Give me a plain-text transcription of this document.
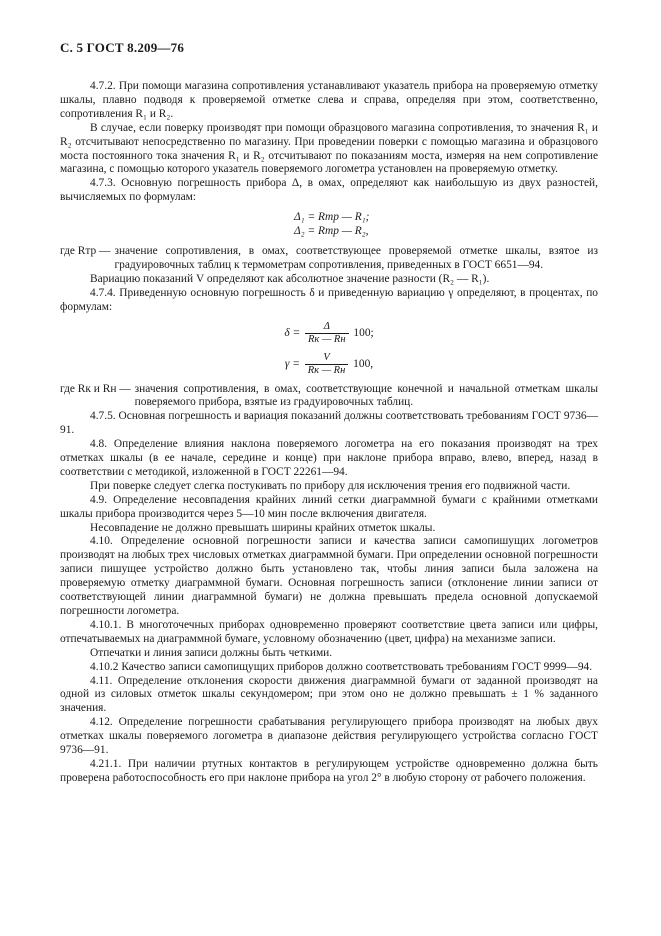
С. 5 ГОСТ 8.209—76

4.7.2. При помощи магазина сопротивления устанавливают указатель прибора на проверяемую отметку шкалы, плавно подводя к проверяемой отметке слева и справа, определяя при этом, соответственно, сопротивления R₁ и R₂.

В случае, если поверку производят при помощи образцового магазина сопротивления, то значения R₁ и R₂ отсчитывают непосредственно по магазину. При проведении поверки с помощью магазина и образцового моста постоянного тока значения R₁ и R₂ отсчитывают по показаниям моста, измеряя на нем сопротивление магазина, с помощью которого указатель поверяемого логометра установлен на проверяемую отметку.

4.7.3. Основную погрешность прибора Δ, в омах, определяют как наибольшую из двух разностей, вычисляемых по формулам:

Δ₁ = Rтр — R₁;
Δ₂ = Rтр — R₂,
где Rтр — значение сопротивления, в омах, соответствующее проверяемой отметке шкалы, взятое из градуировочных таблиц к термометрам сопротивления, приведенных в ГОСТ 6651—94.

Вариацию показаний V определяют как абсолютное значение разности (R₂ — R₁).

4.7.4. Приведенную основную погрешность δ и приведенную вариацию γ определяют, в процентах, по формулам:

$\delta = \frac{\Delta}{Rк — Rн} 100$;
$\gamma = \frac{V}{Rк — Rн} 100$,
где Rк и Rн — значения сопротивления, в омах, соответствующие конечной и начальной отметкам шкалы поверяемого прибора, взятые из градуировочных таблиц.

4.7.5. Основная погрешность и вариация показаний должны соответствовать требованиям ГОСТ 9736—91.

4.8. Определение влияния наклона поверяемого логометра на его показания производят на трех отметках шкалы (в ее начале, середине и конце) при наклоне прибора вправо, влево, вперед, назад в соответствии с методикой, изложенной в ГОСТ 22261—94.

При поверке следует слегка постукивать по прибору для исключения трения его подвижной части.

4.9. Определение несовпадения крайних линий сетки диаграммной бумаги с крайними отметками шкалы прибора производится через 5—10 мин после включения двигателя.

Несовпадение не должно превышать ширины крайних отметок шкалы.

4.10. Определение основной погрешности записи и качества записи самопишущих логометров производят на любых трех числовых отметках диаграммной бумаги. При определении основной погрешности записи пишущее устройство должно быть установлено так, чтобы линия записи была заложена на проверяемую отметку диаграммной бумаги. Основная погрешность записи (отклонение линии записи от соответствующей линии диаграммной бумаги) не должна превышать предела основной допускаемой погрешности логометра.

4.10.1. В многоточечных приборах одновременно проверяют соответствие цвета записи или цифры, отпечатываемых на диаграммной бумаге, условному обозначению (цвет, цифра) на механизме записи.

Отпечатки и линия записи должны быть четкими.

4.10.2 Качество записи самопищущих приборов должно соответствовать требованиям ГОСТ 9999—94.

4.11. Определение отклонения скорости движения диаграммной бумаги от заданной производят на одной из силовых отметок шкалы секундомером; при этом оно не должно превышать ± 1 % заданного значения.

4.12. Определение погрешности срабатывания регулирующего прибора производят на любых двух отметках шкалы поверяемого логометра в диапазоне действия регулирующего устройства согласно ГОСТ 9736—91.

4.21.1. При наличии ртутных контактов в регулирующем устройстве одновременно должна быть проверена работоспособность его при наклоне прибора на угол 2° в любую сторону от рабочего положения.
